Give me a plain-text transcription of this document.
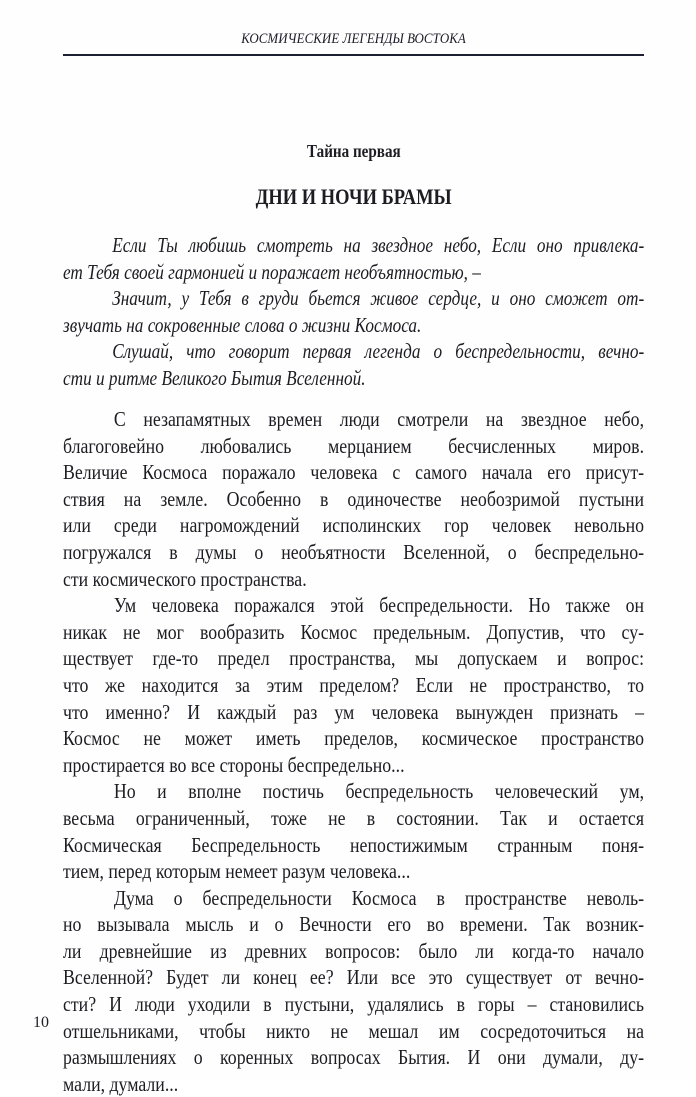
КОСМИЧЕСКИЕ ЛЕГЕНДЫ ВОСТОКА
Тайна первая
ДНИ И НОЧИ БРАМЫ
Если Ты любишь смотреть на звездное небо, Если оно привлека-
ет Тебя своей гармонией и поражает необъятностью, –
Значит, у Тебя в груди бьется живое сердце, и оно сможет от-
звучать на сокровенные слова о жизни Космоса.
Слушай, что говорит первая легенда о беспредельности, вечно-
сти и ритме Великого Бытия Вселенной.
С незапамятных времен люди смотрели на звездное небо,
благоговейно любовались мерцанием бесчисленных миров.
Величие Космоса поражало человека с самого начала его присут-
ствия на земле. Особенно в одиночестве необозримой пустыни
или среди нагромождений исполинских гор человек невольно
погружался в думы о необъятности Вселенной, о беспредельно-
сти космического пространства.
Ум человека поражался этой беспредельности. Но также он
никак не мог вообразить Космос предельным. Допустив, что су-
ществует где-то предел пространства, мы допускаем и вопрос:
что же находится за этим пределом? Если не пространство, то
что именно? И каждый раз ум человека вынужден признать –
Космос не может иметь пределов, космическое пространство
простирается во все стороны беспредельно...
Но и вполне постичь беспредельность человеческий ум,
весьма ограниченный, тоже не в состоянии. Так и остается
Космическая Беспредельность непостижимым странным поня-
тием, перед которым немеет разум человека...
Дума о беспредельности Космоса в пространстве неволь-
но вызывала мысль и о Вечности его во времени. Так возник-
ли древнейшие из древних вопросов: было ли когда-то начало
Вселенной? Будет ли конец ее? Или все это существует от вечно-
сти? И люди уходили в пустыни, удалялись в горы – становились
отшельниками, чтобы никто не мешал им сосредоточиться на
размышлениях о коренных вопросах Бытия. И они думали, ду-
мали, думали...
10
